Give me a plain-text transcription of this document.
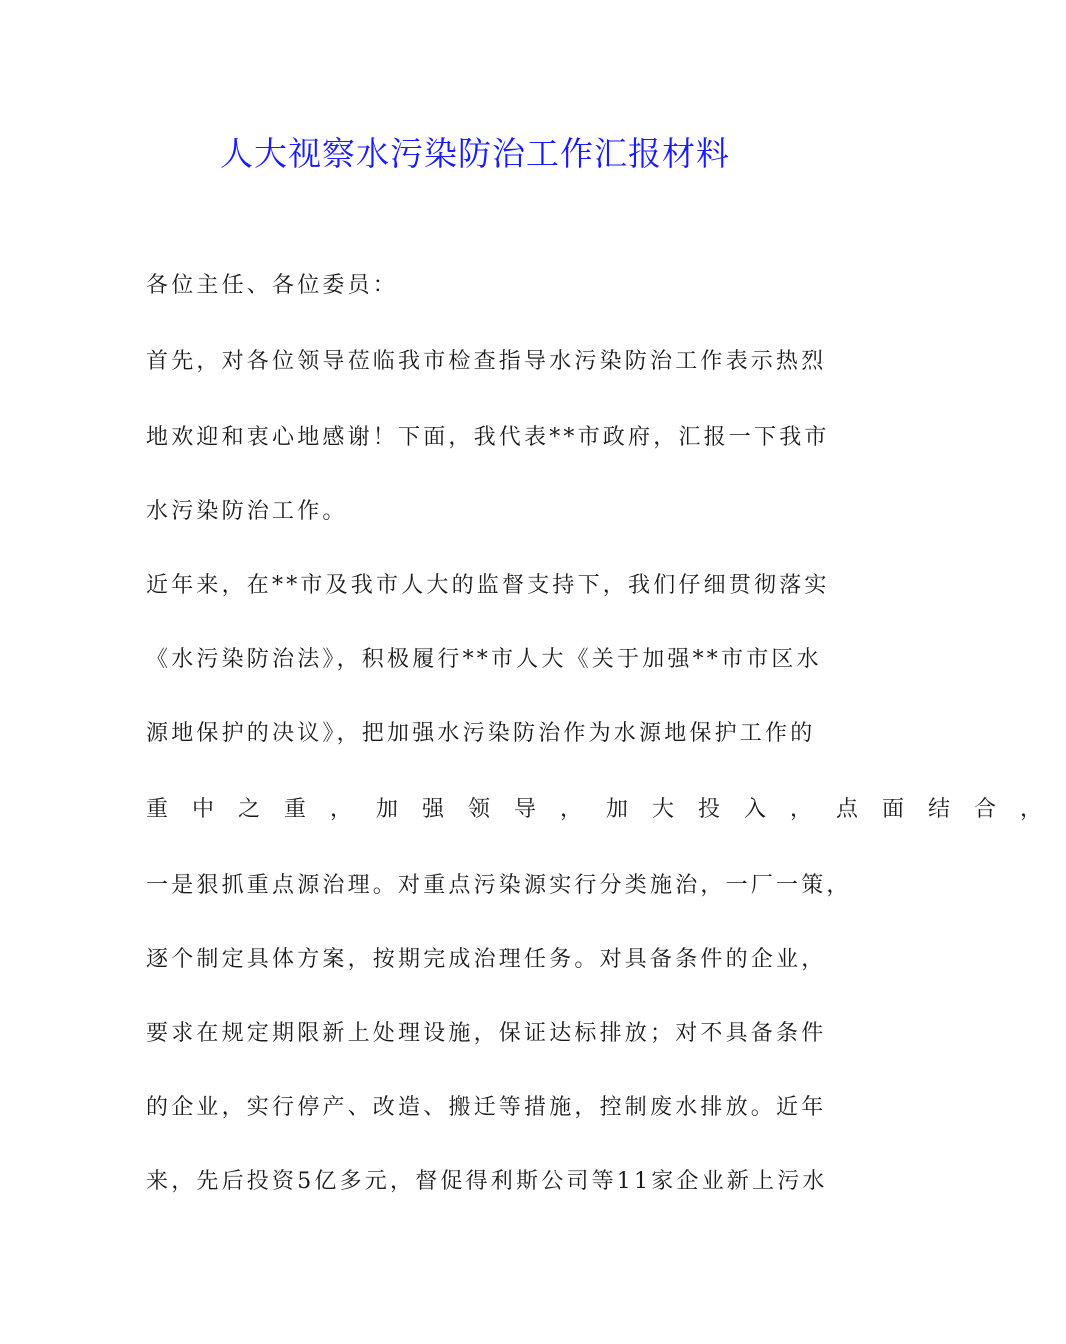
人大视察水污染防治工作汇报材料
各位主任、各位委员：
首先，对各位领导莅临我市检查指导水污染防治工作表示热烈
地欢迎和衷心地感谢！下面，我代表**市政府，汇报一下我市
水污染防治工作。
近年来，在**市及我市人大的监督支持下，我们仔细贯彻落实
《水污染防治法》，积极履行**市人大《关于加强**市市区水
源地保护的决议》，把加强水污染防治作为水源地保护工作的
重中之重，加强领导，加大投入，点面结合，
一是狠抓重点源治理。对重点污染源实行分类施治，一厂一策，
逐个制定具体方案，按期完成治理任务。对具备条件的企业，
要求在规定期限新上处理设施，保证达标排放；对不具备条件
的企业，实行停产、改造、搬迁等措施，控制废水排放。近年
来，先后投资5亿多元，督促得利斯公司等11家企业新上污水
